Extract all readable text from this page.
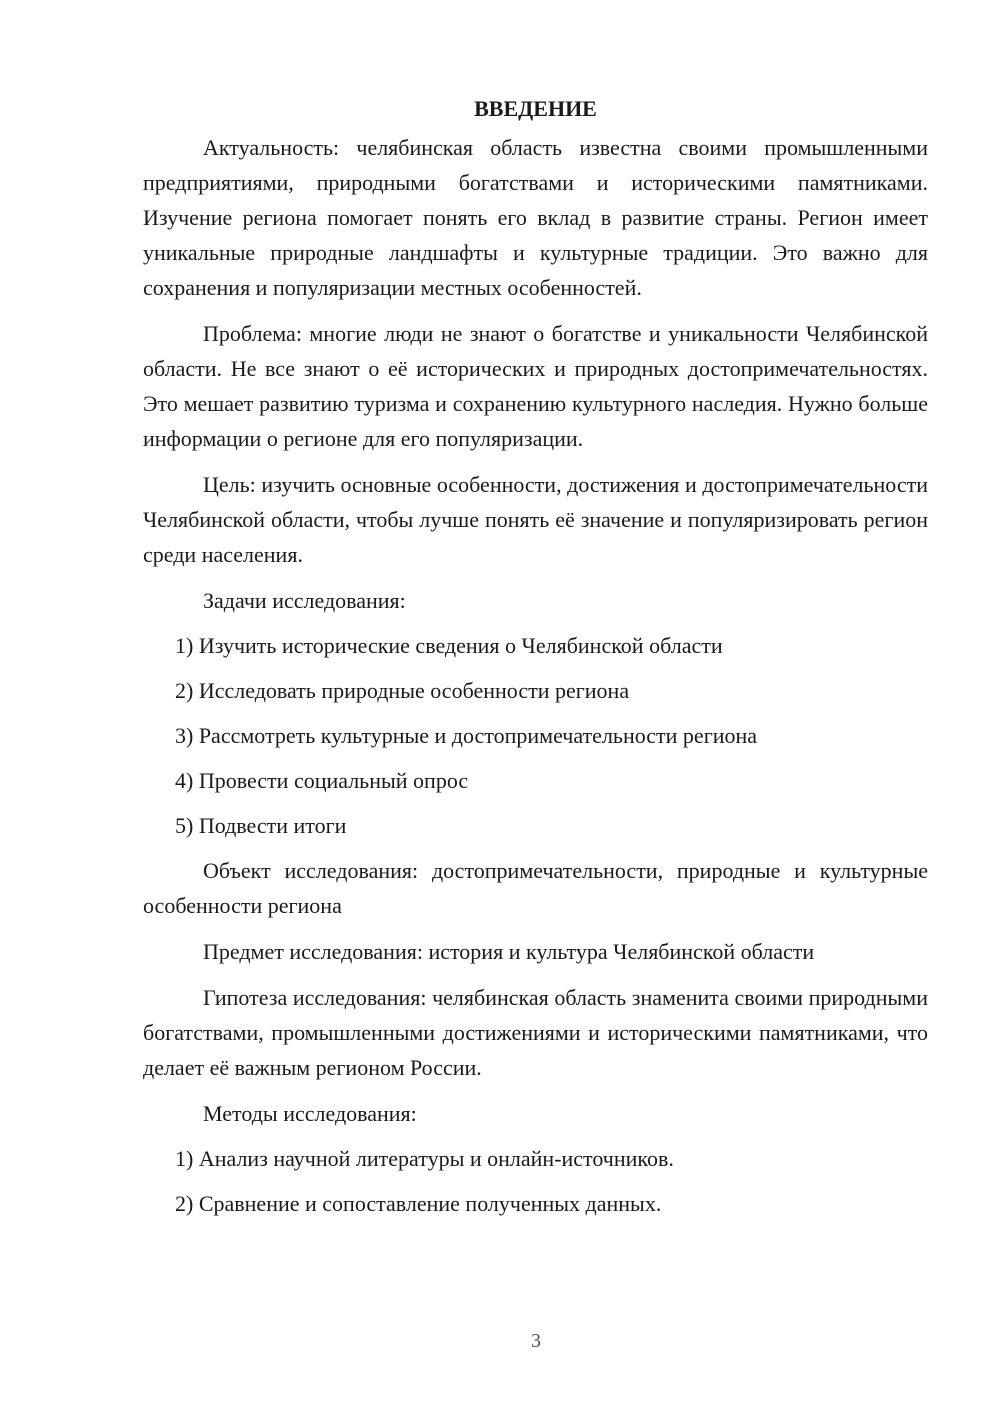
ВВЕДЕНИЕ

Актуальность: челябинская область известна своими промышленными предприятиями, природными богатствами и историческими памятниками. Изучение региона помогает понять его вклад в развитие страны. Регион имеет уникальные природные ландшафты и культурные традиции. Это важно для сохранения и популяризации местных особенностей.

Проблема: многие люди не знают о богатстве и уникальности Челябинской области. Не все знают о её исторических и природных достопримечательностях. Это мешает развитию туризма и сохранению культурного наследия. Нужно больше информации о регионе для его популяризации.

Цель: изучить основные особенности, достижения и достопримечательности Челябинской области, чтобы лучше понять её значение и популяризировать регион среди населения.

Задачи исследования:
1) Изучить исторические сведения о Челябинской области
2) Исследовать природные особенности региона
3) Рассмотреть культурные и достопримечательности региона
4) Провести социальный опрос
5) Подвести итоги

Объект исследования: достопримечательности, природные и культурные особенности региона

Предмет исследования: история и культура Челябинской области

Гипотеза исследования: челябинская область знаменита своими природными богатствами, промышленными достижениями и историческими памятниками, что делает её важным регионом России.

Методы исследования:
1) Анализ научной литературы и онлайн-источников.
2) Сравнение и сопоставление полученных данных.
3
